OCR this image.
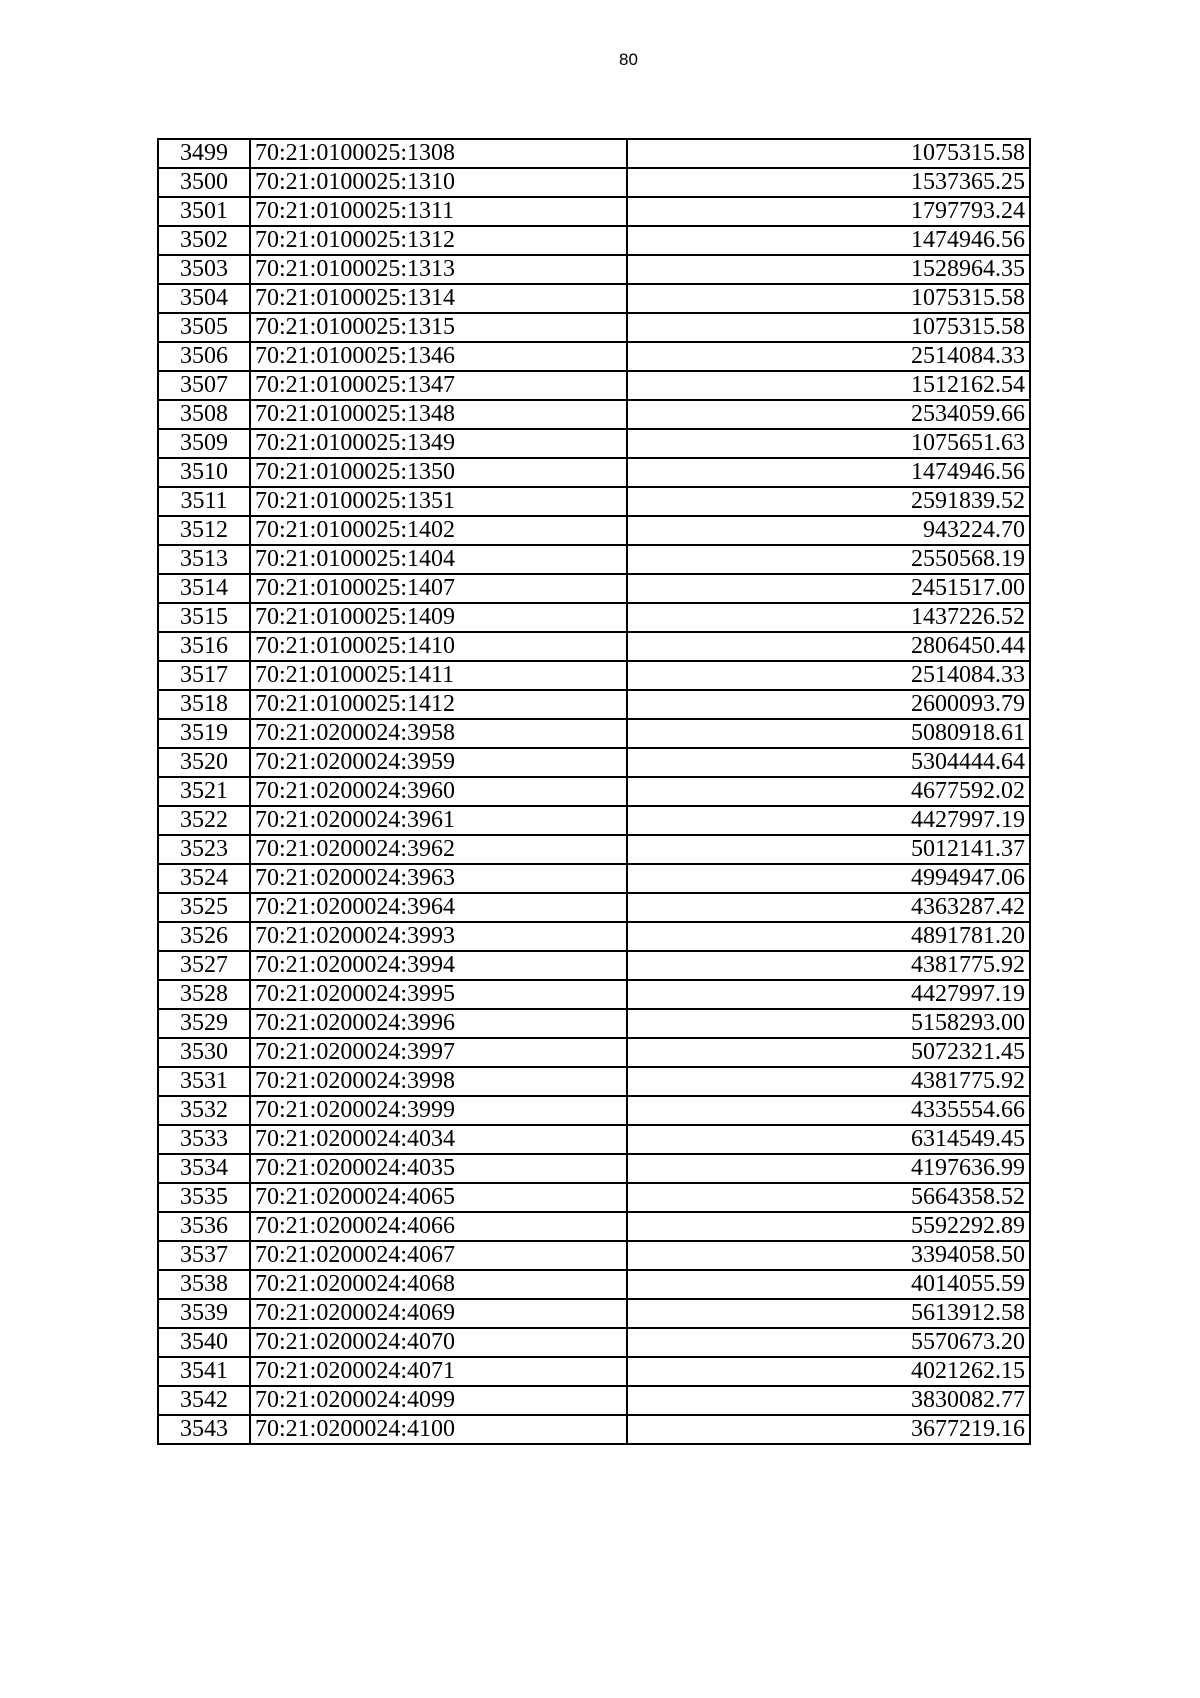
80
3499	70:21:0100025:1308	1075315.58
3500	70:21:0100025:1310	1537365.25
3501	70:21:0100025:1311	1797793.24
3502	70:21:0100025:1312	1474946.56
3503	70:21:0100025:1313	1528964.35
3504	70:21:0100025:1314	1075315.58
3505	70:21:0100025:1315	1075315.58
3506	70:21:0100025:1346	2514084.33
3507	70:21:0100025:1347	1512162.54
3508	70:21:0100025:1348	2534059.66
3509	70:21:0100025:1349	1075651.63
3510	70:21:0100025:1350	1474946.56
3511	70:21:0100025:1351	2591839.52
3512	70:21:0100025:1402	943224.70
3513	70:21:0100025:1404	2550568.19
3514	70:21:0100025:1407	2451517.00
3515	70:21:0100025:1409	1437226.52
3516	70:21:0100025:1410	2806450.44
3517	70:21:0100025:1411	2514084.33
3518	70:21:0100025:1412	2600093.79
3519	70:21:0200024:3958	5080918.61
3520	70:21:0200024:3959	5304444.64
3521	70:21:0200024:3960	4677592.02
3522	70:21:0200024:3961	4427997.19
3523	70:21:0200024:3962	5012141.37
3524	70:21:0200024:3963	4994947.06
3525	70:21:0200024:3964	4363287.42
3526	70:21:0200024:3993	4891781.20
3527	70:21:0200024:3994	4381775.92
3528	70:21:0200024:3995	4427997.19
3529	70:21:0200024:3996	5158293.00
3530	70:21:0200024:3997	5072321.45
3531	70:21:0200024:3998	4381775.92
3532	70:21:0200024:3999	4335554.66
3533	70:21:0200024:4034	6314549.45
3534	70:21:0200024:4035	4197636.99
3535	70:21:0200024:4065	5664358.52
3536	70:21:0200024:4066	5592292.89
3537	70:21:0200024:4067	3394058.50
3538	70:21:0200024:4068	4014055.59
3539	70:21:0200024:4069	5613912.58
3540	70:21:0200024:4070	5570673.20
3541	70:21:0200024:4071	4021262.15
3542	70:21:0200024:4099	3830082.77
3543	70:21:0200024:4100	3677219.16
